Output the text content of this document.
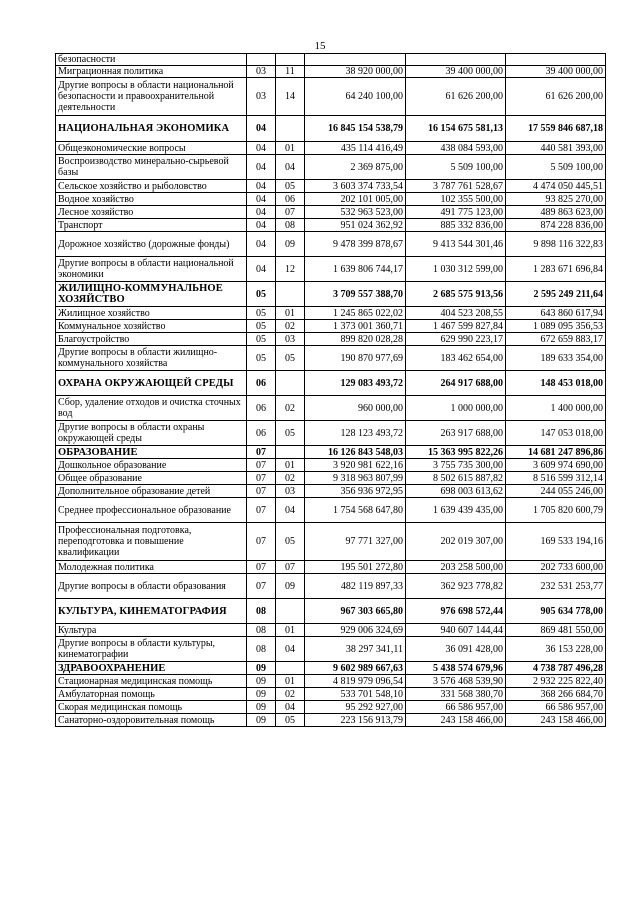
15
безопасности					
Миграционная политика	03	11	38 920 000,00	39 400 000,00	39 400 000,00
Другие вопросы в области национальной безопасности и правоохранительной деятельности	03	14	64 240 100,00	61 626 200,00	61 626 200,00
НАЦИОНАЛЬНАЯ ЭКОНОМИКА	04		16 845 154 538,79	16 154 675 581,13	17 559 846 687,18
Общеэкономические вопросы	04	01	435 114 416,49	438 084 593,00	440 581 393,00
Воспроизводство минерально-сырьевой базы	04	04	2 369 875,00	5 509 100,00	5 509 100,00
Сельское хозяйство и рыболовство	04	05	3 603 374 733,54	3 787 761 528,67	4 474 050 445,51
Водное хозяйство	04	06	202 101 005,00	102 355 500,00	93 825 270,00
Лесное хозяйство	04	07	532 963 523,00	491 775 123,00	489 863 623,00
Транспорт	04	08	951 024 362,92	885 332 836,00	874 228 836,00
Дорожное хозяйство (дорожные фонды)	04	09	9 478 399 878,67	9 413 544 301,46	9 898 116 322,83
Другие вопросы в области национальной экономики	04	12	1 639 806 744,17	1 030 312 599,00	1 283 671 696,84
ЖИЛИЩНО-КОММУНАЛЬНОЕ ХОЗЯЙСТВО	05		3 709 557 388,70	2 685 575 913,56	2 595 249 211,64
Жилищное хозяйство	05	01	1 245 865 022,02	404 523 208,55	643 860 617,94
Коммунальное хозяйство	05	02	1 373 001 360,71	1 467 599 827,84	1 089 095 356,53
Благоустройство	05	03	899 820 028,28	629 990 223,17	672 659 883,17
Другие вопросы в области жилищно-коммунального хозяйства	05	05	190 870 977,69	183 462 654,00	189 633 354,00
ОХРАНА ОКРУЖАЮЩЕЙ СРЕДЫ	06		129 083 493,72	264 917 688,00	148 453 018,00
Сбор, удаление отходов и очистка сточных вод	06	02	960 000,00	1 000 000,00	1 400 000,00
Другие вопросы в области охраны окружающей среды	06	05	128 123 493,72	263 917 688,00	147 053 018,00
ОБРАЗОВАНИЕ	07		16 126 843 548,03	15 363 995 822,26	14 681 247 896,86
Дошкольное образование	07	01	3 920 981 622,16	3 755 735 300,00	3 609 974 690,00
Общее образование	07	02	9 318 963 807,99	8 502 615 887,82	8 516 599 312,14
Дополнительное образование детей	07	03	356 936 972,95	698 003 613,62	244 055 246,00
Среднее профессиональное образование	07	04	1 754 568 647,80	1 639 439 435,00	1 705 820 600,79
Профессиональная подготовка, переподготовка и повышение квалификации	07	05	97 771 327,00	202 019 307,00	169 533 194,16
Молодежная политика	07	07	195 501 272,80	203 258 500,00	202 733 600,00
Другие вопросы в области образования	07	09	482 119 897,33	362 923 778,82	232 531 253,77
КУЛЬТУРА, КИНЕМАТОГРАФИЯ	08		967 303 665,80	976 698 572,44	905 634 778,00
Культура	08	01	929 006 324,69	940 607 144,44	869 481 550,00
Другие вопросы в области культуры, кинематографии	08	04	38 297 341,11	36 091 428,00	36 153 228,00
ЗДРАВООХРАНЕНИЕ	09		9 602 989 667,63	5 438 574 679,96	4 738 787 496,28
Стационарная медицинская помощь	09	01	4 819 979 096,54	3 576 468 539,90	2 932 225 822,40
Амбулаторная помощь	09	02	533 701 548,10	331 568 380,70	368 266 684,70
Скорая медицинская помощь	09	04	95 292 927,00	66 586 957,00	66 586 957,00
Санаторно-оздоровительная помощь	09	05	223 156 913,79	243 158 466,00	243 158 466,00
